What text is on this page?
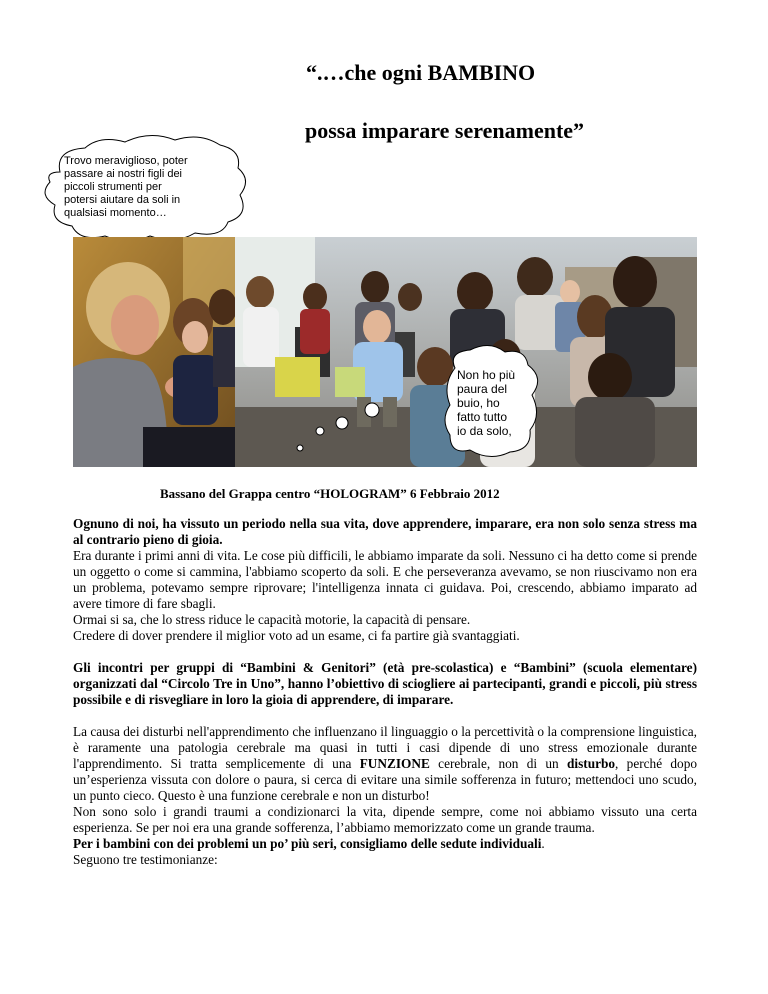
“.…che ogni BAMBINO
possa imparare serenamente”
Trovo meraviglioso, poter
passare ai nostri figli dei
piccoli strumenti per
potersi aiutare da soli in
qualsiasi momento…
Non ho più
paura del
buio, ho
fatto tutto
io da solo,
Bassano del Grappa centro “HOLOGRAM” 6 Febbraio 2012

Ognuno di noi, ha vissuto un periodo nella sua vita, dove apprendere, imparare, era non solo senza stress ma al contrario pieno di gioia.

Era durante i primi anni di vita. Le cose più difficili, le abbiamo imparate da soli. Nessuno ci ha detto come si prende un oggetto o come si cammina, l'abbiamo scoperto da soli. E che perseveranza avevamo, se non riuscivamo non era un problema, potevamo sempre riprovare; l'intelligenza innata ci guidava. Poi, crescendo, abbiamo imparato ad avere timore di fare sbagli.

Ormai si sa, che lo stress riduce le capacità motorie, la capacità di pensare.

Credere di dover prendere il miglior voto ad un esame, ci fa partire già svantaggiati.

Gli incontri per gruppi di “Bambini & Genitori” (età pre-scolastica) e “Bambini” (scuola elementare) organizzati dal “Circolo Tre in Uno”, hanno l’obiettivo di sciogliere ai partecipanti, grandi e piccoli, più stress possibile e di risvegliare in loro la gioia di apprendere, di imparare.

La causa dei disturbi nell'apprendimento che influenzano il linguaggio o la percettività o la comprensione linguistica, è raramente una patologia cerebrale ma quasi in tutti i casi dipende di uno stress emozionale durante l'apprendimento. Si tratta semplicemente di una FUNZIONE cerebrale, non di un disturbo, perché dopo un’esperienza vissuta con dolore o paura, si cerca di evitare una simile sofferenza in futuro; mettendoci uno scudo, un punto cieco. Questo è una funzione cerebrale e non un disturbo!

Non sono solo i grandi traumi a condizionarci la vita, dipende sempre, come noi abbiamo vissuto una certa esperienza. Se per noi era una grande sofferenza, l’abbiamo memorizzato come un grande trauma.

Per i bambini con dei problemi un po’ più seri, consigliamo delle sedute individuali.

Seguono tre testimonianze:
